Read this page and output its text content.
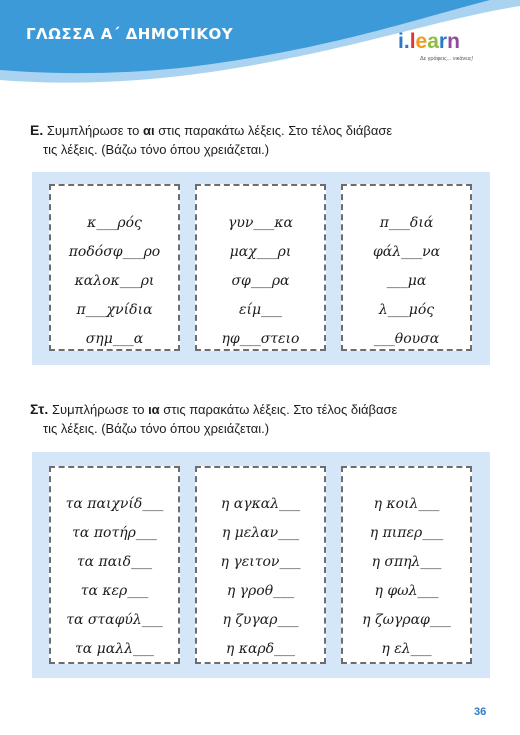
ΓΛΩΣΣΑ Α΄ ΔΗΜΟΤΙΚΟΥ	i.learn
Δε γράφεις... νικάνεις!
Ε. Συμπλήρωσε το αι στις παρακάτω λέξεις. Στο τέλος διάβασε
τις λέξεις. (Βάζω τόνο όπου χρειάζεται.)
κ___ρός
ποδόσφ___ρο
καλοκ___ρι
π___χνίδια
σημ___α
γυν___κα
μαχ___ρι
σφ___ρα
είμ___
ηφ___στειο
π___διά
φάλ___να
___μα
λ___μός
___θουσα
Στ. Συμπλήρωσε το ια στις παρακάτω λέξεις. Στο τέλος διάβασε
τις λέξεις. (Βάζω τόνο όπου χρειάζεται.)
τα παιχνίδ___
τα ποτήρ___
τα παιδ___
τα κερ___
τα σταφύλ___
τα μαλλ___
η αγκαλ___
η μελαν___
η γειτον___
η γροθ___
η ζυγαρ___
η καρδ___
η κοιλ___
η πιπερ___
η σπηλ___
η φωλ___
η ζωγραφ___
η ελ___
36
